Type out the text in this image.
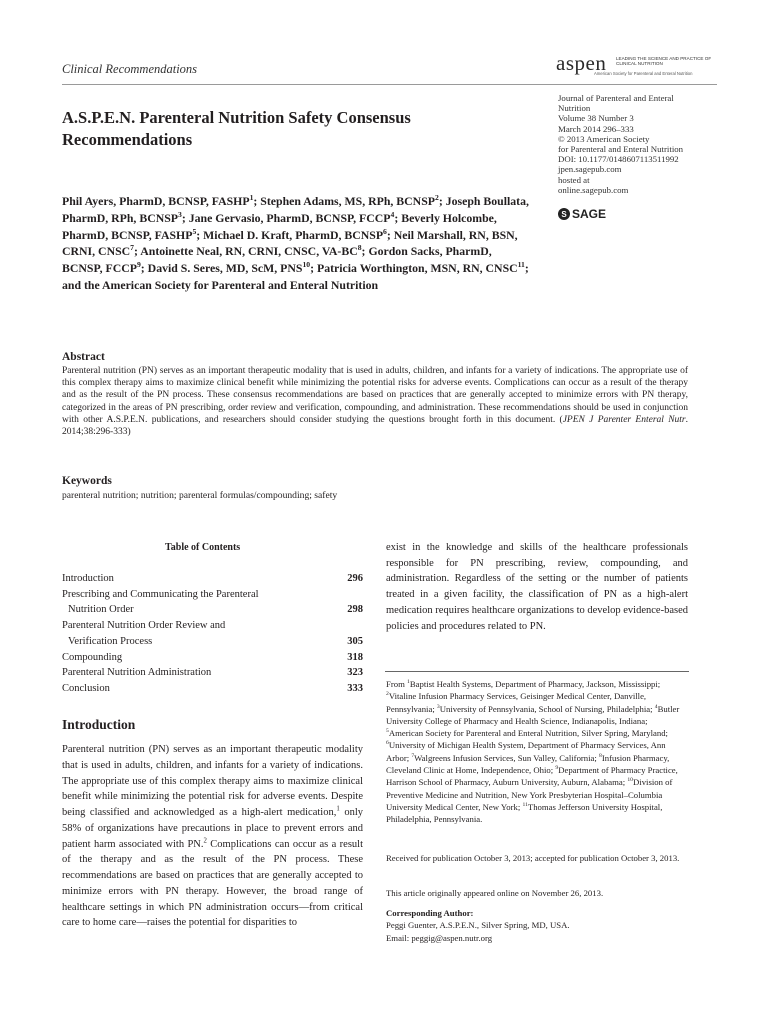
Clinical Recommendations	aspen LEADING THE SCIENCE AND PRACTICE OF CLINICAL NUTRITION
American Society for Parenteral and Enteral Nutrition
Journal of Parenteral and Enteral
Nutrition
Volume 38 Number 3
March 2014 296–333
© 2013 American Society
for Parenteral and Enteral Nutrition
DOI: 10.1177/0148607113511992
jpen.sagepub.com
hosted at
online.sagepub.com
S SAGE
A.S.P.E.N. Parenteral Nutrition Safety Consensus Recommendations
Phil Ayers, PharmD, BCNSP, FASHP$^1$; Stephen Adams, MS, RPh, BCNSP$^2$; Joseph Boullata, PharmD, RPh, BCNSP$^3$; Jane Gervasio, PharmD, BCNSP, FCCP$^4$; Beverly Holcombe, PharmD, BCNSP, FASHP$^5$; Michael D. Kraft, PharmD, BCNSP$^6$; Neil Marshall, RN, BSN, CRNI, CNSC$^7$; Antoinette Neal, RN, CRNI, CNSC, $VA-BC^8$; Gordon Sacks, PharmD, BCNSP, FCCP$^9$; David S. Seres, MD, ScM, PNS$^{10}$; Patricia Worthington, MSN, RN, CNSC$^{11}$; and the American Society for Parenteral and Enteral Nutrition
Abstract
Parenteral nutrition (PN) serves as an important therapeutic modality that is used in adults, children, and infants for a variety of indications. The appropriate use of this complex therapy aims to maximize clinical benefit while minimizing the potential risks for adverse events. Complications can occur as a result of the therapy and as the result of the PN process. These consensus recommendations are based on practices that are generally accepted to minimize errors with PN therapy, categorized in the areas of PN prescribing, order review and verification, compounding, and administration. These recommendations should be used in conjunction with other A.S.P.E.N. publications, and researchers should consider studying the questions brought forth in this document. (JPEN J Parenter Enteral Nutr. 2014;38:296-333)
Keywords
parenteral nutrition; nutrition; parenteral formulas/compounding; safety
Table of Contents
Introduction	296
Prescribing and Communicating the Parenteral
Nutrition Order	298
Parenteral Nutrition Order Review and
Verification Process	305
Compounding	318
Parenteral Nutrition Administration	323
Conclusion	333
Introduction
Parenteral nutrition (PN) serves as an important therapeutic modality that is used in adults, children, and infants for a variety of indications. The appropriate use of this complex therapy aims to maximize clinical benefit while minimizing the potential risk for adverse events. Despite being classified and acknowledged as a high-alert medication,$^1$ only 58% of organizations have precautions in place to prevent errors and patient harm associated with PN.$^2$ Complications can occur as a result of the therapy and as the result of the PN process. These recommendations are based on practices that are generally accepted to minimize errors with PN therapy. However, the broad range of healthcare settings in which PN administration occurs—from critical care to home care—raises the potential for disparities to
exist in the knowledge and skills of the healthcare professionals responsible for PN prescribing, review, compounding, and administration. Regardless of the setting or the number of patients treated in a given facility, the classification of PN as a high-alert medication requires healthcare organizations to develop evidence-based policies and procedures related to PN.
From $^1$Baptist Health Systems, Department of Pharmacy, Jackson, Mississippi; $^2$Vitaline Infusion Pharmacy Services, Geisinger Medical Center, Danville, Pennsylvania; $^3$University of Pennsylvania, School of Nursing, Philadelphia; $^4$Butler University College of Pharmacy and Health Science, Indianapolis, Indiana; $^5$American Society for Parenteral and Enteral Nutrition, Silver Spring, Maryland; $^6$University of Michigan Health System, Department of Pharmacy Services, Ann Arbor; $^7$Walgreens Infusion Services, Sun Valley, California; $^8$Infusion Pharmacy, Cleveland Clinic at Home, Independence, Ohio; $^9$Department of Pharmacy Practice, Harrison School of Pharmacy, Auburn University, Auburn, Alabama; $^{10}$Division of Preventive Medicine and Nutrition, New York Presbyterian Hospital–Columbia University Medical Center, New York; $^{11}$Thomas Jefferson University Hospital, Philadelphia, Pennsylvania.
Received for publication October 3, 2013; accepted for publication October 3, 2013.
This article originally appeared online on November 26, 2013.
Corresponding Author:
Peggi Guenter, A.S.P.E.N., Silver Spring, MD, USA.
Email: peggig@aspen.nutr.org
